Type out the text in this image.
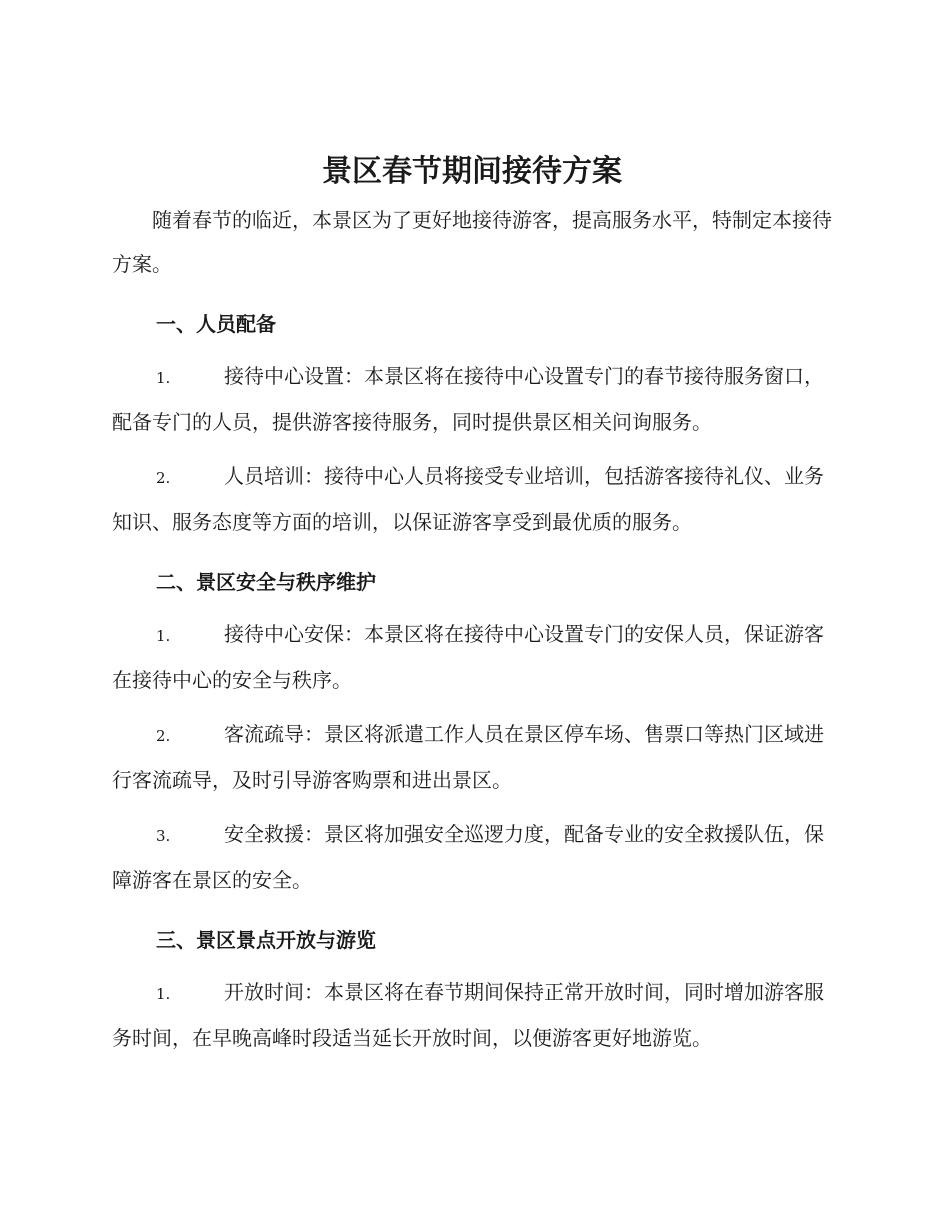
景区春节期间接待方案

随着春节的临近，本景区为了更好地接待游客，提高服务水平，特制定本接待方案。

一、人员配备

1.	接待中心设置：本景区将在接待中心设置专门的春节接待服务窗口，配备专门的人员，提供游客接待服务，同时提供景区相关问询服务。

2.	人员培训：接待中心人员将接受专业培训，包括游客接待礼仪、业务知识、服务态度等方面的培训，以保证游客享受到最优质的服务。

二、景区安全与秩序维护

1.	接待中心安保：本景区将在接待中心设置专门的安保人员，保证游客在接待中心的安全与秩序。

2.	客流疏导：景区将派遣工作人员在景区停车场、售票口等热门区域进行客流疏导，及时引导游客购票和进出景区。

3.	安全救援：景区将加强安全巡逻力度，配备专业的安全救援队伍，保障游客在景区的安全。

三、景区景点开放与游览

1.	开放时间：本景区将在春节期间保持正常开放时间，同时增加游客服务时间，在早晚高峰时段适当延长开放时间，以便游客更好地游览。
